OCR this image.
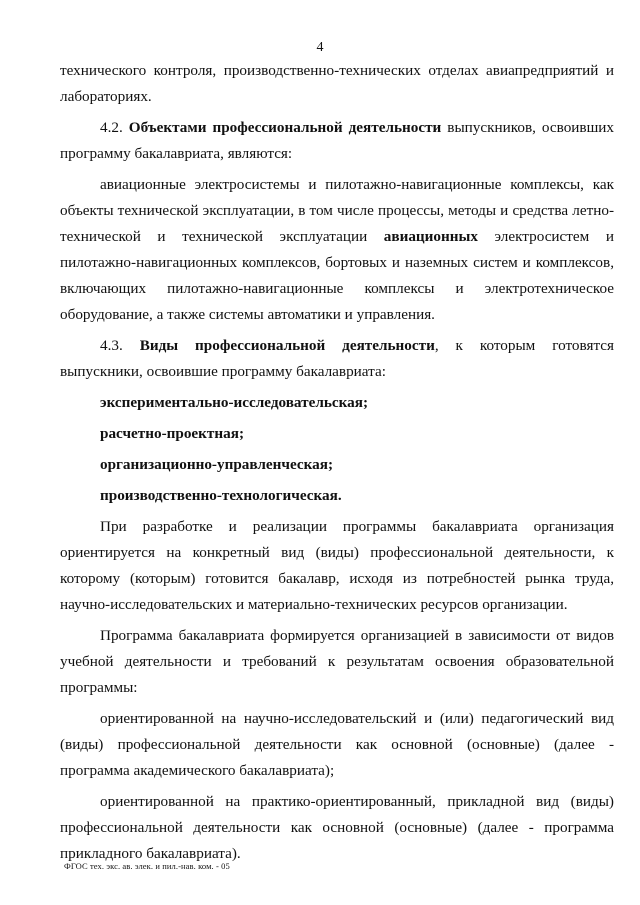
4

технического контроля, производственно-технических отделах авиапредприятий и лабораториях.

4.2. Объектами профессиональной деятельности выпускников, освоивших программу бакалавриата, являются:

авиационные электросистемы и пилотажно-навигационные комплексы, как объекты технической эксплуатации, в том числе процессы, методы и средства летно-технической и технической эксплуатации авиационных электросистем и пилотажно-навигационных комплексов, бортовых и наземных систем и комплексов, включающих пилотажно-навигационные комплексы и электротехническое оборудование, а также системы автоматики и управления.

4.3. Виды профессиональной деятельности, к которым готовятся выпускники, освоившие программу бакалавриата:

экспериментально-исследовательская;

расчетно-проектная;

организационно-управленческая;

производственно-технологическая.

При разработке и реализации программы бакалавриата организация ориентируется на конкретный вид (виды) профессиональной деятельности, к которому (которым) готовится бакалавр, исходя из потребностей рынка труда, научно-исследовательских и материально-технических ресурсов организации.

Программа бакалавриата формируется организацией в зависимости от видов учебной деятельности и требований к результатам освоения образовательной программы:

ориентированной на научно-исследовательский и (или) педагогический вид (виды) профессиональной деятельности как основной (основные) (далее - программа академического бакалавриата);

ориентированной на практико-ориентированный, прикладной вид (виды) профессиональной деятельности как основной (основные) (далее - программа прикладного бакалавриата).

ФГОС тех. экс. ав. элек. и пил.-нав. ком. - 05
